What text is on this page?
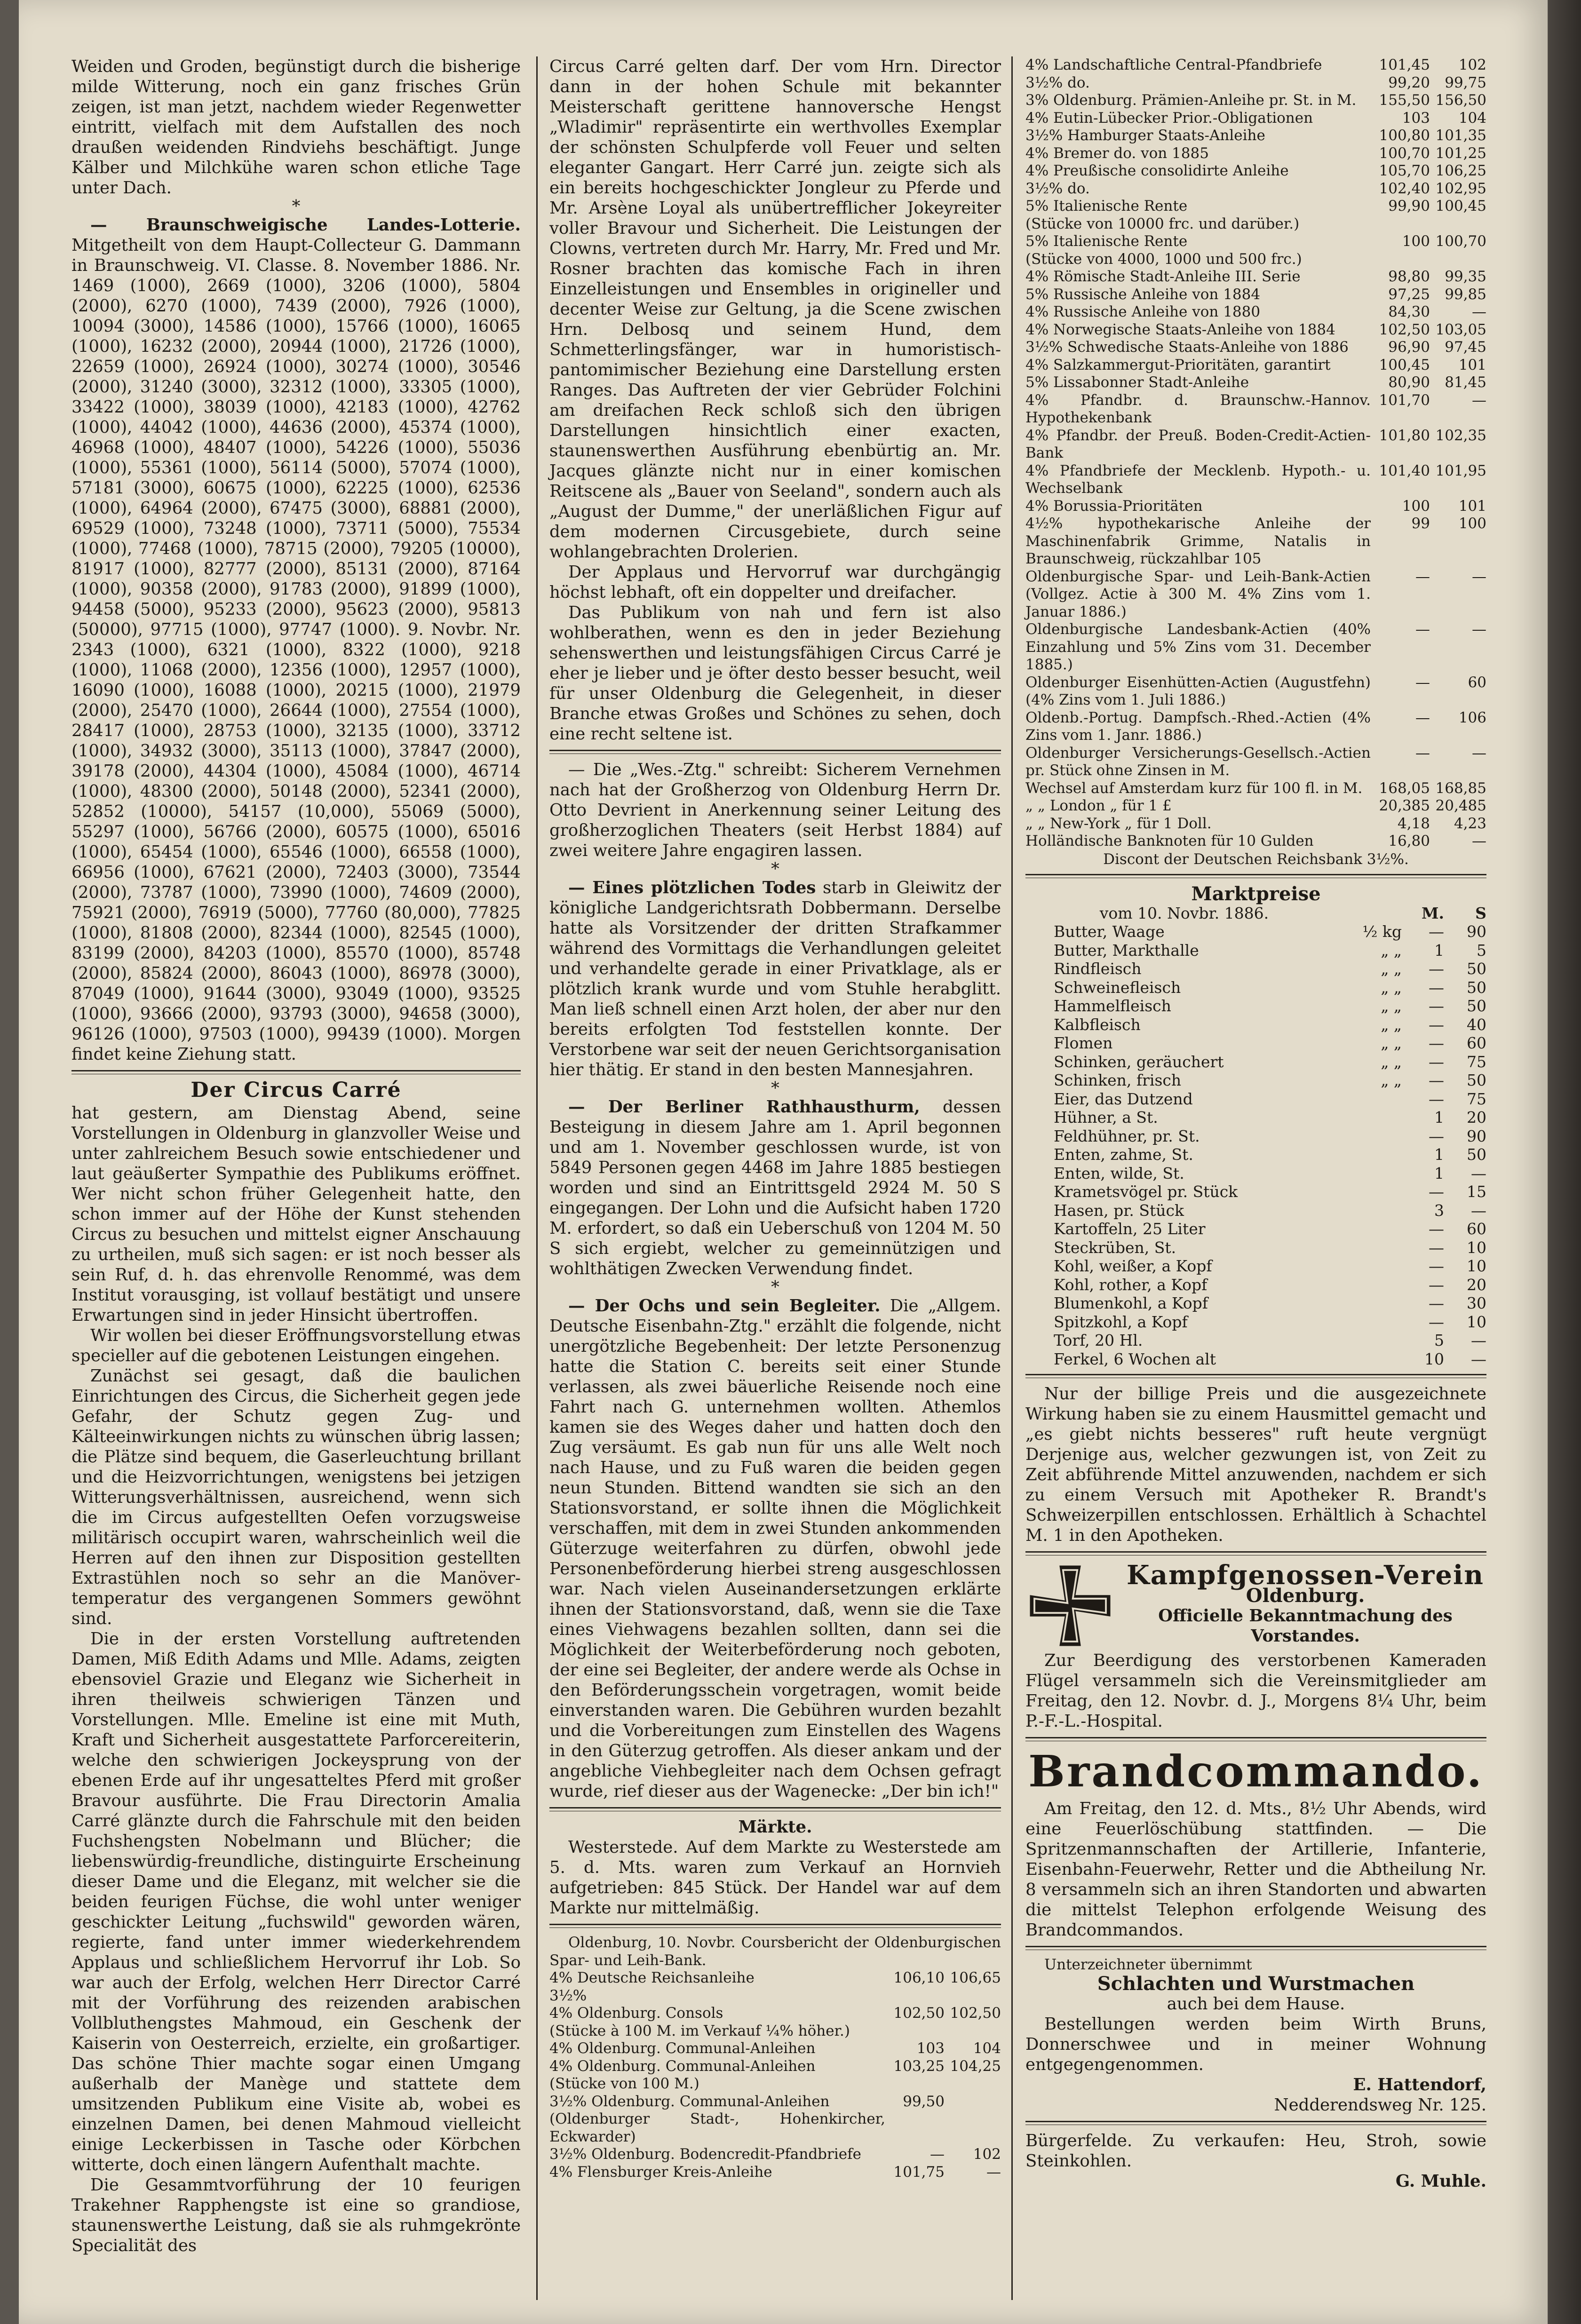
Weiden und Groden, begünstigt durch die bisherige milde Witterung, noch ein ganz frisches Grün zeigen, ist man jetzt, nachdem wieder Regenwetter eintritt, vielfach mit dem Aufstallen des noch draußen weidenden Rindviehs beschäftigt. Junge Kälber und Milchkühe waren schon etliche Tage unter Dach.

*

— Braunschweigische Landes-Lotterie. Mitgetheilt von dem Haupt-Collecteur G. Dammann in Braunschweig. VI. Classe. 8. November 1886. Nr. 1469 (1000), 2669 (1000), 3206 (1000), 5804 (2000), 6270 (1000), 7439 (2000), 7926 (1000), 10094 (3000), 14586 (1000), 15766 (1000), 16065 (1000), 16232 (2000), 20944 (1000), 21726 (1000), 22659 (1000), 26924 (1000), 30274 (1000), 30546 (2000), 31240 (3000), 32312 (1000), 33305 (1000), 33422 (1000), 38039 (1000), 42183 (1000), 42762 (1000), 44042 (1000), 44636 (2000), 45374 (1000), 46968 (1000), 48407 (1000), 54226 (1000), 55036 (1000), 55361 (1000), 56114 (5000), 57074 (1000), 57181 (3000), 60675 (1000), 62225 (1000), 62536 (1000), 64964 (2000), 67475 (3000), 68881 (2000), 69529 (1000), 73248 (1000), 73711 (5000), 75534 (1000), 77468 (1000), 78715 (2000), 79205 (10000), 81917 (1000), 82777 (2000), 85131 (2000), 87164 (1000), 90358 (2000), 91783 (2000), 91899 (1000), 94458 (5000), 95233 (2000), 95623 (2000), 95813 (50000), 97715 (1000), 97747 (1000). 9. Novbr. Nr. 2343 (1000), 6321 (1000), 8322 (1000), 9218 (1000), 11068 (2000), 12356 (1000), 12957 (1000), 16090 (1000), 16088 (1000), 20215 (1000), 21979 (2000), 25470 (1000), 26644 (1000), 27554 (1000), 28417 (1000), 28753 (1000), 32135 (1000), 33712 (1000), 34932 (3000), 35113 (1000), 37847 (2000), 39178 (2000), 44304 (1000), 45084 (1000), 46714 (1000), 48300 (2000), 50148 (2000), 52341 (2000), 52852 (10000), 54157 (10,000), 55069 (5000), 55297 (1000), 56766 (2000), 60575 (1000), 65016 (1000), 65454 (1000), 65546 (1000), 66558 (1000), 66956 (1000), 67621 (2000), 72403 (3000), 73544 (2000), 73787 (1000), 73990 (1000), 74609 (2000), 75921 (2000), 76919 (5000), 77760 (80,000), 77825 (1000), 81808 (2000), 82344 (1000), 82545 (1000), 83199 (2000), 84203 (1000), 85570 (1000), 85748 (2000), 85824 (2000), 86043 (1000), 86978 (3000), 87049 (1000), 91644 (3000), 93049 (1000), 93525 (1000), 93666 (2000), 93793 (3000), 94658 (3000), 96126 (1000), 97503 (1000), 99439 (1000). Morgen findet keine Ziehung statt.

Der Circus Carré

hat gestern, am Dienstag Abend, seine Vorstellungen in Oldenburg in glanzvoller Weise und unter zahlreichem Besuch sowie entschiedener und laut geäußerter Sympathie des Publikums eröffnet. Wer nicht schon früher Gelegenheit hatte, den schon immer auf der Höhe der Kunst stehenden Circus zu besuchen und mittelst eigner Anschauung zu urtheilen, muß sich sagen: er ist noch besser als sein Ruf, d. h. das ehrenvolle Renommé, was dem Institut vorausging, ist vollauf bestätigt und unsere Erwartungen sind in jeder Hinsicht übertroffen.

Wir wollen bei dieser Eröffnungsvorstellung etwas specieller auf die gebotenen Leistungen eingehen.

Zunächst sei gesagt, daß die baulichen Einrichtungen des Circus, die Sicherheit gegen jede Gefahr, der Schutz gegen Zug- und Kälteeinwirkungen nichts zu wünschen übrig lassen; die Plätze sind bequem, die Gaserleuchtung brillant und die Heizvorrichtungen, wenigstens bei jetzigen Witterungsverhältnissen, ausreichend, wenn sich die im Circus aufgestellten Oefen vorzugsweise militärisch occupirt waren, wahrscheinlich weil die Herren auf den ihnen zur Disposition gestellten Extrastühlen noch so sehr an die Manöver-temperatur des vergangenen Sommers gewöhnt sind.

Die in der ersten Vorstellung auftretenden Damen, Miß Edith Adams und Mlle. Adams, zeigten ebensoviel Grazie und Eleganz wie Sicherheit in ihren theilweis schwierigen Tänzen und Vorstellungen. Mlle. Emeline ist eine mit Muth, Kraft und Sicherheit ausgestattete Parforcereiterin, welche den schwierigen Jockeysprung von der ebenen Erde auf ihr ungesatteltes Pferd mit großer Bravour ausführte. Die Frau Directorin Amalia Carré glänzte durch die Fahrschule mit den beiden Fuchshengsten Nobelmann und Blücher; die liebenswürdig-freundliche, distinguirte Erscheinung dieser Dame und die Eleganz, mit welcher sie die beiden feurigen Füchse, die wohl unter weniger geschickter Leitung „fuchswild" geworden wären, regierte, fand unter immer wiederkehrendem Applaus und schließlichem Hervorruf ihr Lob. So war auch der Erfolg, welchen Herr Director Carré mit der Vorführung des reizenden arabischen Vollbluthengstes Mahmoud, ein Geschenk der Kaiserin von Oesterreich, erzielte, ein großartiger. Das schöne Thier machte sogar einen Umgang außerhalb der Manège und stattete dem umsitzenden Publikum eine Visite ab, wobei es einzelnen Damen, bei denen Mahmoud vielleicht einige Leckerbissen in Tasche oder Körbchen witterte, doch einen längern Aufenthalt machte.

Die Gesammtvorführung der 10 feurigen Trakehner Rapphengste ist eine so grandiose, staunenswerthe Leistung, daß sie als ruhmgekrönte Specialität des

Circus Carré gelten darf. Der vom Hrn. Director dann in der hohen Schule mit bekannter Meisterschaft gerittene hannoversche Hengst „Wladimir" repräsentirte ein werthvolles Exemplar der schönsten Schulpferde voll Feuer und selten eleganter Gangart. Herr Carré jun. zeigte sich als ein bereits hochgeschickter Jongleur zu Pferde und Mr. Arsène Loyal als unübertrefflicher Jokeyreiter voller Bravour und Sicherheit. Die Leistungen der Clowns, vertreten durch Mr. Harry, Mr. Fred und Mr. Rosner brachten das komische Fach in ihren Einzelleistungen und Ensembles in origineller und decenter Weise zur Geltung, ja die Scene zwischen Hrn. Delbosq und seinem Hund, dem Schmetterlingsfänger, war in humoristisch-pantomimischer Beziehung eine Darstellung ersten Ranges. Das Auftreten der vier Gebrüder Folchini am dreifachen Reck schloß sich den übrigen Darstellungen hinsichtlich einer exacten, staunenswerthen Ausführung ebenbürtig an. Mr. Jacques glänzte nicht nur in einer komischen Reitscene als „Bauer von Seeland", sondern auch als „August der Dumme," der unerläßlichen Figur auf dem modernen Circusgebiete, durch seine wohlangebrachten Drolerien.

Der Applaus und Hervorruf war durchgängig höchst lebhaft, oft ein doppelter und dreifacher.

Das Publikum von nah und fern ist also wohlberathen, wenn es den in jeder Beziehung sehenswerthen und leistungsfähigen Circus Carré je eher je lieber und je öfter desto besser besucht, weil für unser Oldenburg die Gelegenheit, in dieser Branche etwas Großes und Schönes zu sehen, doch eine recht seltene ist.

— Die „Wes.-Ztg." schreibt: Sicherem Vernehmen nach hat der Großherzog von Oldenburg Herrn Dr. Otto Devrient in Anerkennung seiner Leitung des großherzoglichen Theaters (seit Herbst 1884) auf zwei weitere Jahre engagiren lassen.

*

— Eines plötzlichen Todes starb in Gleiwitz der königliche Landgerichtsrath Dobbermann. Derselbe hatte als Vorsitzender der dritten Strafkammer während des Vormittags die Verhandlungen geleitet und verhandelte gerade in einer Privatklage, als er plötzlich krank wurde und vom Stuhle herabglitt. Man ließ schnell einen Arzt holen, der aber nur den bereits erfolgten Tod feststellen konnte. Der Verstorbene war seit der neuen Gerichtsorganisation hier thätig. Er stand in den besten Mannesjahren.

*

— Der Berliner Rathhausthurm, dessen Besteigung in diesem Jahre am 1. April begonnen und am 1. November geschlossen wurde, ist von 5849 Personen gegen 4468 im Jahre 1885 bestiegen worden und sind an Eintrittsgeld 2924 M. 50 S eingegangen. Der Lohn und die Aufsicht haben 1720 M. erfordert, so daß ein Ueberschuß von 1204 M. 50 S sich ergiebt, welcher zu gemeinnützigen und wohlthätigen Zwecken Verwendung findet.

*

— Der Ochs und sein Begleiter. Die „Allgem. Deutsche Eisenbahn-Ztg." erzählt die folgende, nicht unergötzliche Begebenheit: Der letzte Personenzug hatte die Station C. bereits seit einer Stunde verlassen, als zwei bäuerliche Reisende noch eine Fahrt nach G. unternehmen wollten. Athemlos kamen sie des Weges daher und hatten doch den Zug versäumt. Es gab nun für uns alle Welt noch nach Hause, und zu Fuß waren die beiden gegen neun Stunden. Bittend wandten sie sich an den Stationsvorstand, er sollte ihnen die Möglichkeit verschaffen, mit dem in zwei Stunden ankommenden Güterzuge weiterfahren zu dürfen, obwohl jede Personenbeförderung hierbei streng ausgeschlossen war. Nach vielen Auseinandersetzungen erklärte ihnen der Stationsvorstand, daß, wenn sie die Taxe eines Viehwagens bezahlen sollten, dann sei die Möglichkeit der Weiterbeförderung noch geboten, der eine sei Begleiter, der andere werde als Ochse in den Beförderungsschein vorgetragen, womit beide einverstanden waren. Die Gebühren wurden bezahlt und die Vorbereitungen zum Einstellen des Wagens in den Güterzug getroffen. Als dieser ankam und der angebliche Viehbegleiter nach dem Ochsen gefragt wurde, rief dieser aus der Wagenecke: „Der bin ich!"

Märkte.

Westerstede. Auf dem Markte zu Westerstede am 5. d. Mts. waren zum Verkauf an Hornvieh aufgetrieben: 845 Stück. Der Handel war auf dem Markte nur mittelmäßig.

Oldenburg, 10. Novbr. Coursbericht der Oldenburgischen Spar- und Leih-Bank.

4% Deutsche Reichsanleihe	106,10	106,65
3½%		
4% Oldenburg. Consols	102,50	102,50
(Stücke à 100 M. im Verkauf ¼% höher.)		
4% Oldenburg. Communal-Anleihen	103	104
4% Oldenburg. Communal-Anleihen	103,25	104,25
(Stücke von 100 M.)		
3½% Oldenburg. Communal-Anleihen	99,50	
(Oldenburger Stadt-, Hohenkircher, Eckwarder)		
3½% Oldenburg. Bodencredit-Pfandbriefe	—	102
4% Flensburger Kreis-Anleihe	101,75	—
4% Landschaftliche Central-Pfandbriefe	101,45	102
3½% do.	99,20	99,75
3% Oldenburg. Prämien-Anleihe pr. St. in M.	155,50	156,50
4% Eutin-Lübecker Prior.-Obligationen	103	104
3½% Hamburger Staats-Anleihe	100,80	101,35
4% Bremer do. von 1885	100,70	101,25
4% Preußische consolidirte Anleihe	105,70	106,25
3½% do.	102,40	102,95
5% Italienische Rente	99,90	100,45
(Stücke von 10000 frc. und darüber.)		
5% Italienische Rente	100	100,70
(Stücke von 4000, 1000 und 500 frc.)		
4% Römische Stadt-Anleihe III. Serie	98,80	99,35
5% Russische Anleihe von 1884	97,25	99,85
4% Russische Anleihe von 1880	84,30	—
4% Norwegische Staats-Anleihe von 1884	102,50	103,05
3½% Schwedische Staats-Anleihe von 1886	96,90	97,45
4% Salzkammergut-Prioritäten, garantirt	100,45	101
5% Lissabonner Stadt-Anleihe	80,90	81,45
4% Pfandbr. d. Braunschw.-Hannov. Hypothekenbank	101,70	—
4% Pfandbr. der Preuß. Boden-Credit-Actien-Bank	101,80	102,35
4% Pfandbriefe der Mecklenb. Hypoth.- u. Wechselbank	101,40	101,95
4% Borussia-Prioritäten	100	101
4½% hypothekarische Anleihe der Maschinenfabrik Grimme, Natalis in Braunschweig, rückzahlbar 105	99	100
Oldenburgische Spar- und Leih-Bank-Actien (Vollgez. Actie à 300 M. 4% Zins vom 1. Januar 1886.)	—	—
Oldenburgische Landesbank-Actien (40% Einzahlung und 5% Zins vom 31. December 1885.)	—	—
Oldenburger Eisenhütten-Actien (Augustfehn) (4% Zins vom 1. Juli 1886.)	—	60
Oldenb.-Portug. Dampfsch.-Rhed.-Actien (4% Zins vom 1. Janr. 1886.)	—	106
Oldenburger Versicherungs-Gesellsch.-Actien pr. Stück ohne Zinsen in M.	—	—
Wechsel auf Amsterdam kurz für 100 fl. in M.	168,05	168,85
„ „ London „ für 1 £	20,385	20,485
„ „ New-York „ für 1 Doll.	4,18	4,23
Holländische Banknoten für 10 Gulden	16,80	—
Discont der Deutschen Reichsbank 3½%.
Marktpreise
vom 10. Novbr. 1886.		M.	S
Butter, Waage	½ kg	—	90
Butter, Markthalle	„ „	1	5
Rindfleisch	„ „	—	50
Schweinefleisch	„ „	—	50
Hammelfleisch	„ „	—	50
Kalbfleisch	„ „	—	40
Flomen	„ „	—	60
Schinken, geräuchert	„ „	—	75
Schinken, frisch	„ „	—	50
Eier, das Dutzend		—	75
Hühner, a St.		1	20
Feldhühner, pr. St.		—	90
Enten, zahme, St.		1	50
Enten, wilde, St.		1	—
Krametsvögel pr. Stück		—	15
Hasen, pr. Stück		3	—
Kartoffeln, 25 Liter		—	60
Steckrüben, St.		—	10
Kohl, weißer, a Kopf		—	10
Kohl, rother, a Kopf		—	20
Blumenkohl, a Kopf		—	30
Spitzkohl, a Kopf		—	10
Torf, 20 Hl.		5	—
Ferkel, 6 Wochen alt		10	—

Nur der billige Preis und die ausgezeichnete Wirkung haben sie zu einem Hausmittel gemacht und „es giebt nichts besseres" ruft heute vergnügt Derjenige aus, welcher gezwungen ist, von Zeit zu Zeit abführende Mittel anzuwenden, nachdem er sich zu einem Versuch mit Apotheker R. Brandt's Schweizerpillen entschlossen. Erhältlich à Schachtel M. 1 in den Apotheken.

Kampfgenossen-Verein
Oldenburg.
Officielle Bekanntmachung des Vorstandes.

Zur Beerdigung des verstorbenen Kameraden Flügel versammeln sich die Vereinsmitglieder am Freitag, den 12. Novbr. d. J., Morgens 8¼ Uhr, beim P.-F.-L.-Hospital.

Brandcommando.

Am Freitag, den 12. d. Mts., 8½ Uhr Abends, wird eine Feuerlöschübung stattfinden. — Die Spritzenmannschaften der Artillerie, Infanterie, Eisenbahn-Feuerwehr, Retter und die Abtheilung Nr. 8 versammeln sich an ihren Standorten und abwarten die mittelst Telephon erfolgende Weisung des Brandcommandos.

Unterzeichneter übernimmt
Schlachten und Wurstmachen
auch bei dem Hause.

Bestellungen werden beim Wirth Bruns, Donnerschwee und in meiner Wohnung entgegengenommen.

E. Hattendorf,
Nedderendsweg Nr. 125.

Bürgerfelde. Zu verkaufen: Heu, Stroh, sowie Steinkohlen.

G. Muhle.
